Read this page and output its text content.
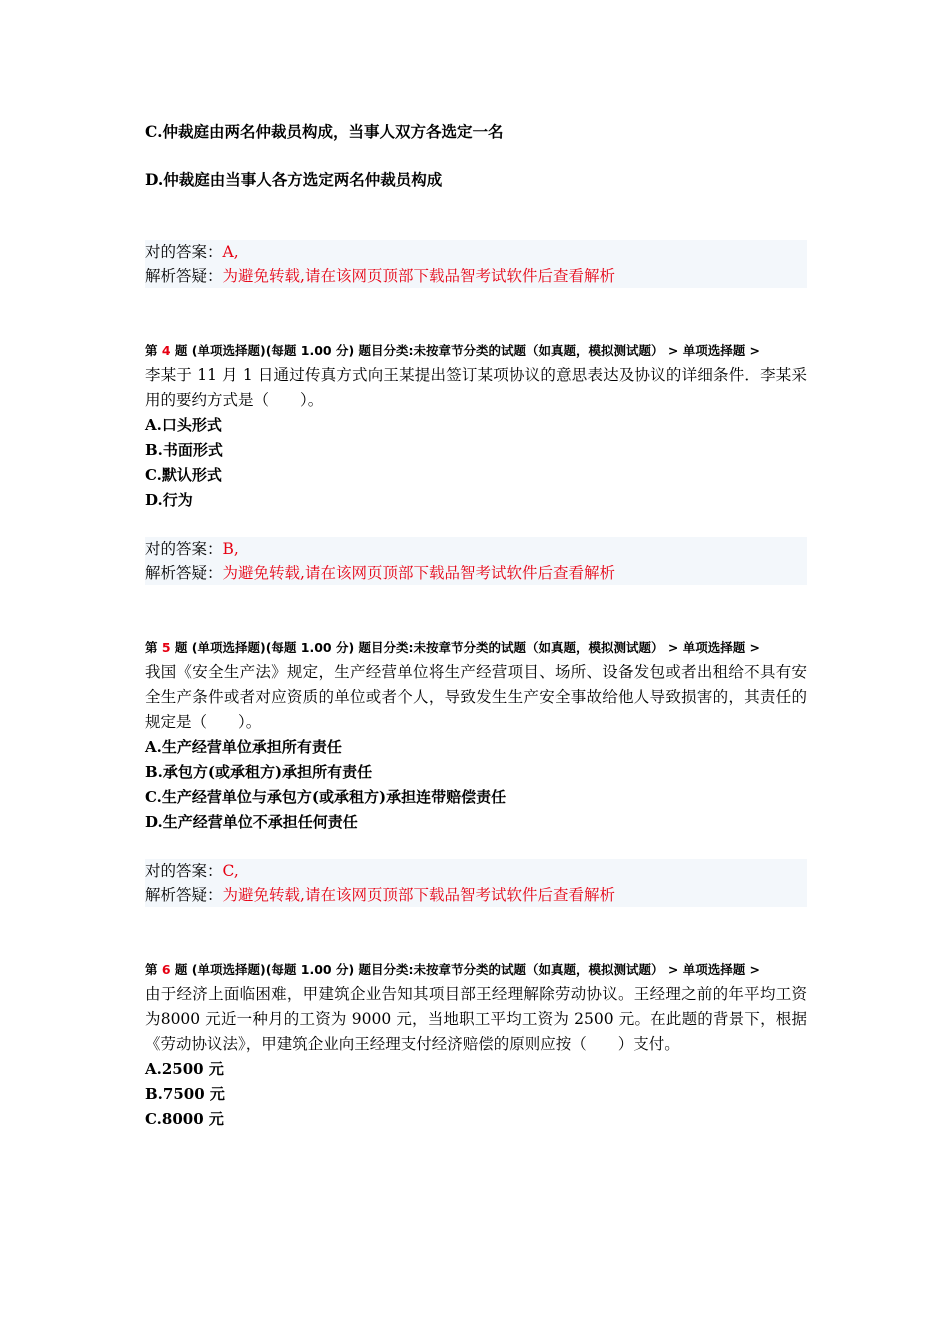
C.仲裁庭由两名仲裁员构成，当事人双方各选定一名
D.仲裁庭由当事人各方选定两名仲裁员构成
对的答案：A,
解析答疑：为避免转载,请在该网页顶部下载品智考试软件后查看解析
第 4 题 (单项选择题)(每题 1.00 分) 题目分类:未按章节分类的试题（如真题，模拟测试题） > 单项选择题 >
李某于 11 月 1 日通过传真方式向王某提出签订某项协议的意思表达及协议的详细条件．李某采用的要约方式是（　　）。
A.口头形式
B.书面形式
C.默认形式
D.行为
对的答案：B,
解析答疑：为避免转载,请在该网页顶部下载品智考试软件后查看解析
第 5 题 (单项选择题)(每题 1.00 分) 题目分类:未按章节分类的试题（如真题，模拟测试题） > 单项选择题 >
我国《安全生产法》规定，生产经营单位将生产经营项目、场所、设备发包或者出租给不具有安全生产条件或者对应资质的单位或者个人，导致发生生产安全事故给他人导致损害的，其责任的规定是（　　）。
A.生产经营单位承担所有责任
B.承包方(或承租方)承担所有责任
C.生产经营单位与承包方(或承租方)承担连带赔偿责任
D.生产经营单位不承担任何责任
对的答案：C,
解析答疑：为避免转载,请在该网页顶部下载品智考试软件后查看解析
第 6 题 (单项选择题)(每题 1.00 分) 题目分类:未按章节分类的试题（如真题，模拟测试题） > 单项选择题 >
由于经济上面临困难，甲建筑企业告知其项目部王经理解除劳动协议。王经理之前的年平均工资为8000 元近一种月的工资为 9000 元，当地职工平均工资为 2500 元。在此题的背景下，根据《劳动协议法》，甲建筑企业向王经理支付经济赔偿的原则应按（　　）支付。
A.2500 元
B.7500 元
C.8000 元
